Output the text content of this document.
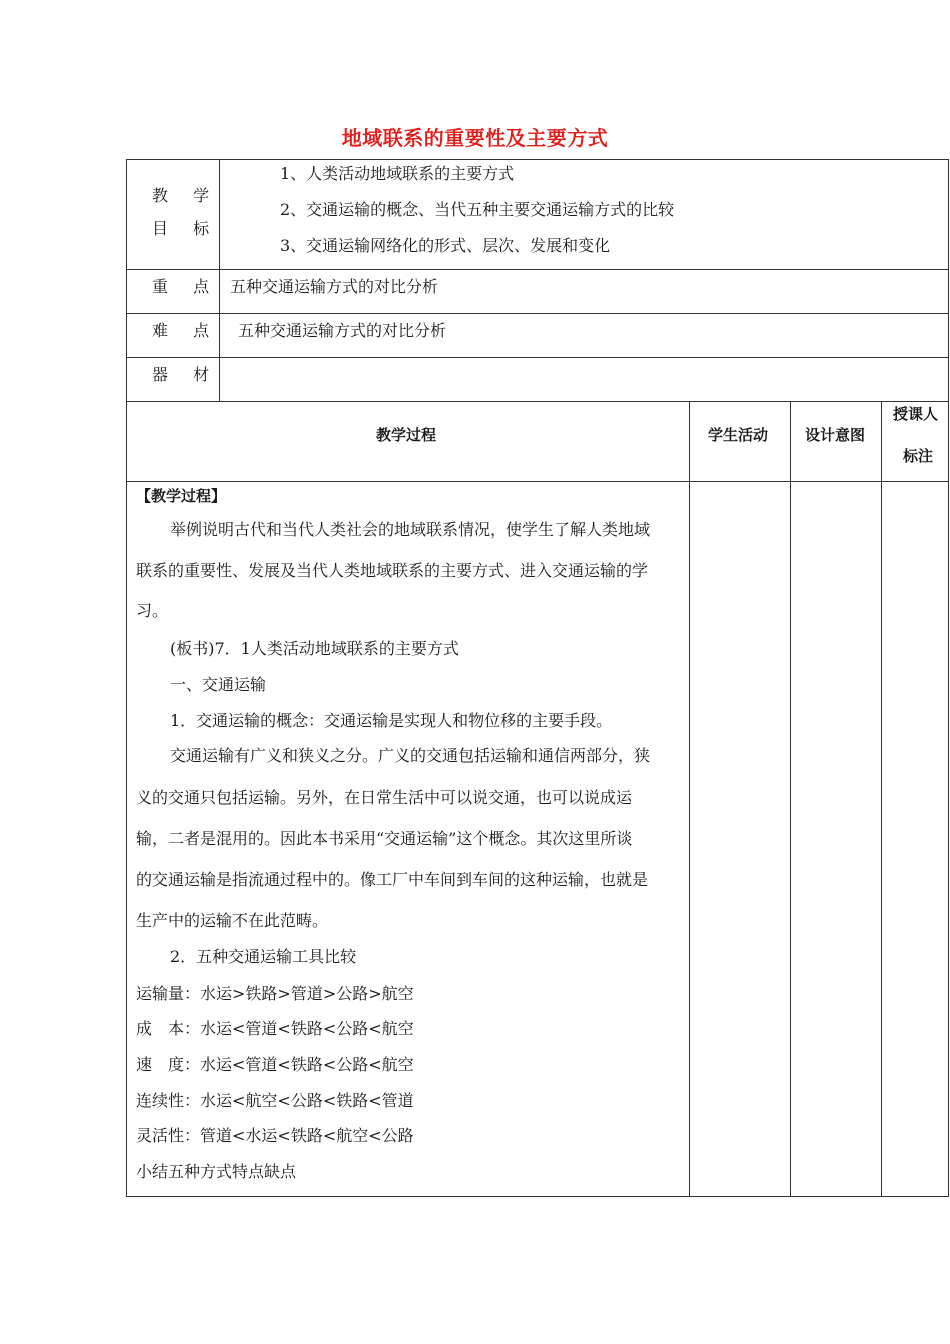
地域联系的重要性及主要方式
教 学
目 标
1、人类活动地域联系的主要方式
2、交通运输的概念、当代五种主要交通运输方式的比较
3、交通运输网络化的形式、层次、发展和变化
重 点 五种交通运输方式的对比分析
难 点 五种交通运输方式的对比分析
器 材
教学过程	学生活动 设计意图
授课人
标注
【教学过程】
举例说明古代和当代人类社会的地域联系情况，使学生了解人类地域
联系的重要性、发展及当代人类地域联系的主要方式、进入交通运输的学
习。
(板书)7．1人类活动地域联系的主要方式
一、交通运输
1．交通运输的概念：交通运输是实现人和物位移的主要手段。
交通运输有广义和狭义之分。广义的交通包括运输和通信两部分，狭
义的交通只包括运输。另外，在日常生活中可以说交通，也可以说成运
输，二者是混用的。因此本书采用“交通运输”这个概念。其次这里所谈
的交通运输是指流通过程中的。像工厂中车间到车间的这种运输，也就是
生产中的运输不在此范畴。
2．五种交通运输工具比较
运输量：水运>铁路>管道>公路>航空
成　本：水运<管道<铁路<公路<航空
速　度：水运<管道<铁路<公路<航空
连续性：水运<航空<公路<铁路<管道
灵活性：管道<水运<铁路<航空<公路
小结五种方式特点缺点
